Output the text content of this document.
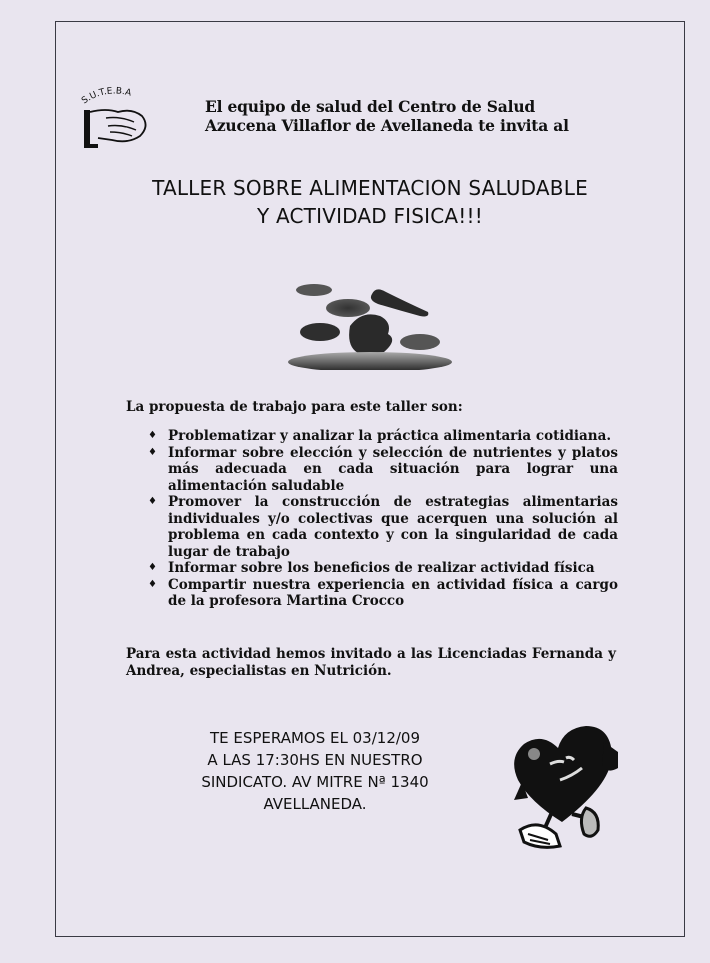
S.U.T.E.B.A
El equipo de salud del Centro de Salud
Azucena Villaflor de Avellaneda te invita al
TALLER SOBRE ALIMENTACION SALUDABLE
Y ACTIVIDAD FISICA!!!
La propuesta de trabajo para este taller son:
♦ Problematizar y analizar la práctica alimentaria cotidiana.
♦ Informar sobre elección y selección de nutrientes y platos más adecuada en cada situación para lograr una alimentación saludable
♦ Promover la construcción de estrategias alimentarias individuales y/o colectivas que acerquen una solución al problema en cada contexto y con la singularidad de cada lugar de trabajo
♦ Informar sobre los beneficios de realizar actividad física
♦ Compartir nuestra experiencia en actividad física a cargo de la profesora Martina Crocco
Para esta actividad hemos invitado a las Licenciadas Fernanda y Andrea, especialistas en Nutrición.
TE ESPERAMOS EL 03/12/09
A LAS 17:30HS EN NUESTRO
SINDICATO. AV MITRE Nª 1340
AVELLANEDA.
